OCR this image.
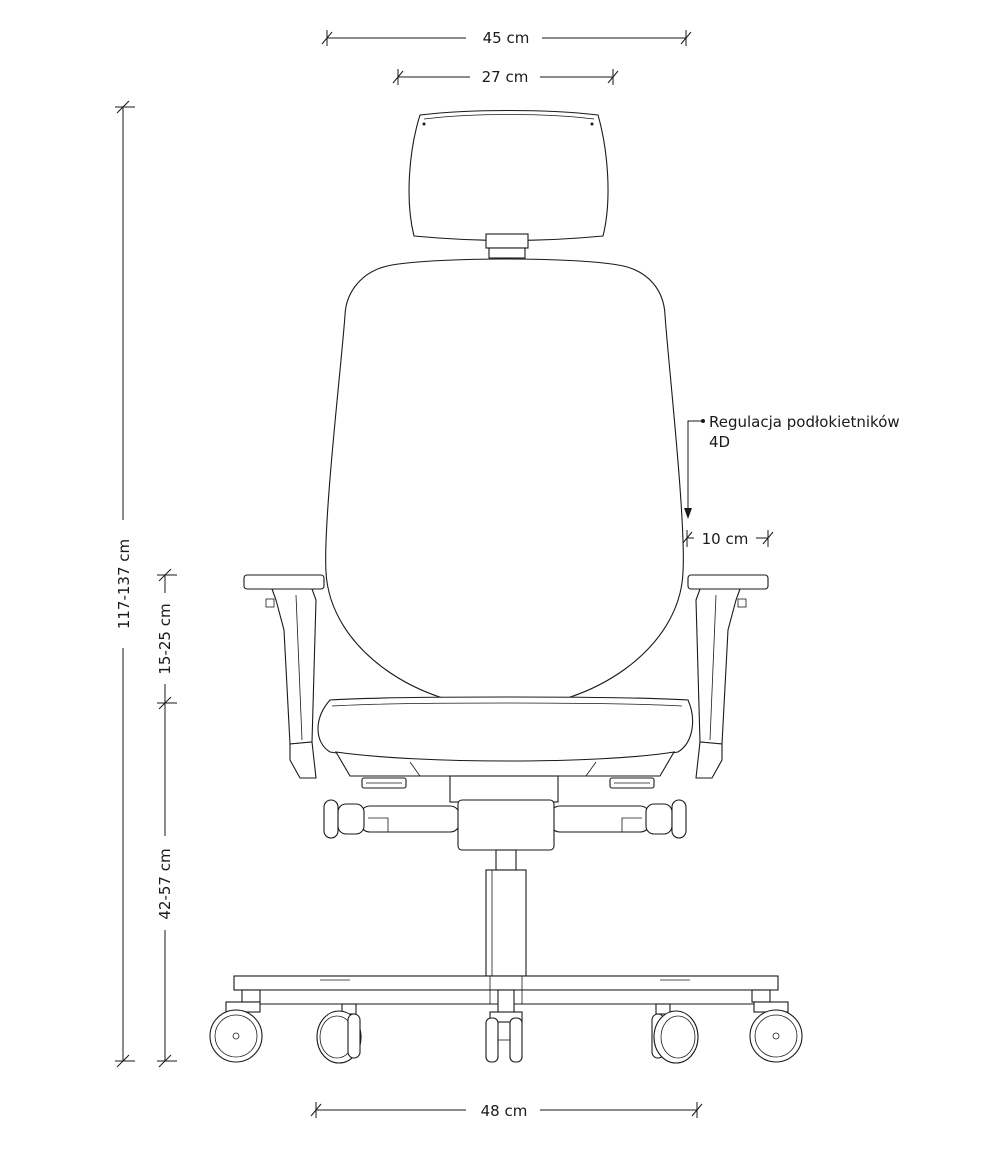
45 cm
27 cm
117-137 cm
15-25 cm
42-57 cm
48 cm
10 cm
Regulacja podłokietników
4D
